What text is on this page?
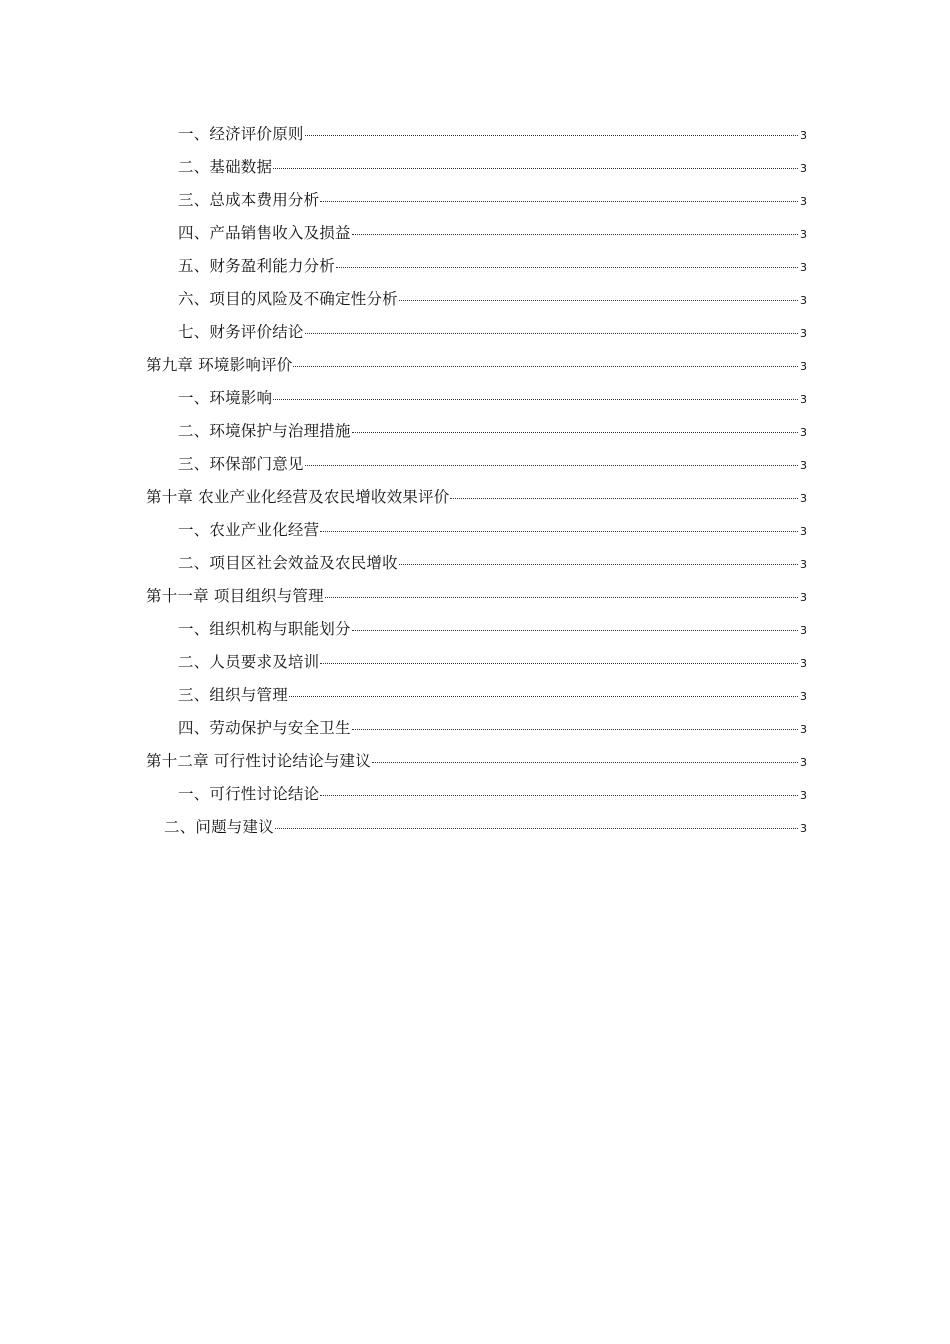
一、经济评价原则	3
二、基础数据	3
三、总成本费用分析	3
四、产品销售收入及损益	3
五、财务盈利能力分析	3
六、项目的风险及不确定性分析	3
七、财务评价结论	3
第九章 环境影响评价	3
一、环境影响	3
二、环境保护与治理措施	3
三、环保部门意见	3
第十章 农业产业化经营及农民增收效果评价	3
一、农业产业化经营	3
二、项目区社会效益及农民增收	3
第十一章 项目组织与管理	3
一、组织机构与职能划分	3
二、人员要求及培训	3
三、组织与管理	3
四、劳动保护与安全卫生	3
第十二章 可行性讨论结论与建议	3
一、可行性讨论结论	3
二、问题与建议	3
